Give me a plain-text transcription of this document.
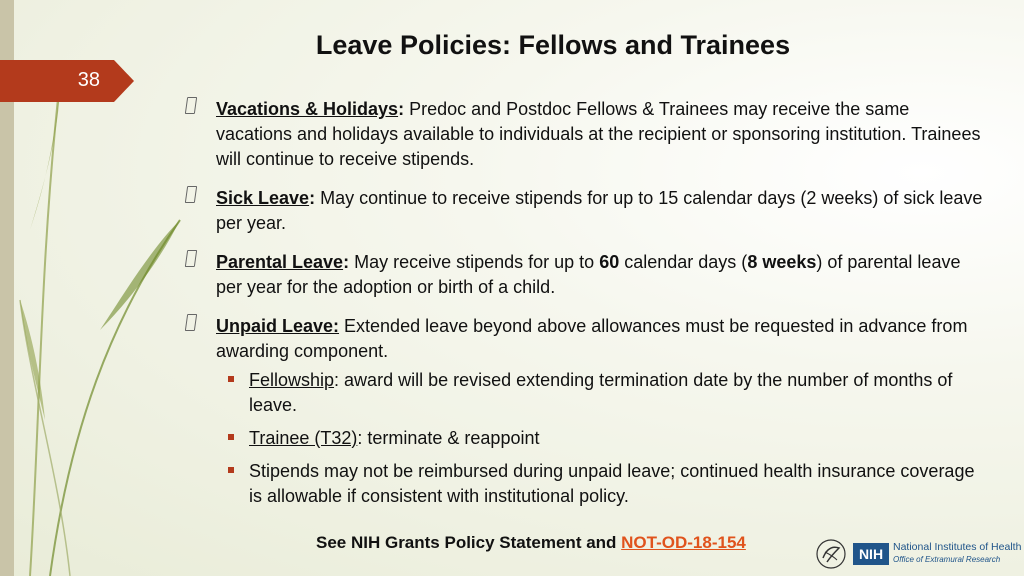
38
Leave Policies: Fellows and Trainees
Vacations & Holidays: Predoc and Postdoc Fellows & Trainees may receive the same vacations and holidays available to individuals at the recipient or sponsoring institution. Trainees will continue to receive stipends.
Sick Leave: May continue to receive stipends for up to 15 calendar days (2 weeks) of sick leave per year.
Parental Leave: May receive stipends for up to 60 calendar days (8 weeks) of parental leave per year for the adoption or birth of a child.
Unpaid Leave: Extended leave beyond above allowances must be requested in advance from awarding component.
Fellowship: award will be revised extending termination date by the number of months of leave.
Trainee (T32): terminate & reappoint
Stipends may not be reimbursed during unpaid leave; continued health insurance coverage is allowable if consistent with institutional policy.
See NIH Grants Policy Statement and NOT-OD-18-154
NIH National Institutes of Health
Office of Extramural Research
